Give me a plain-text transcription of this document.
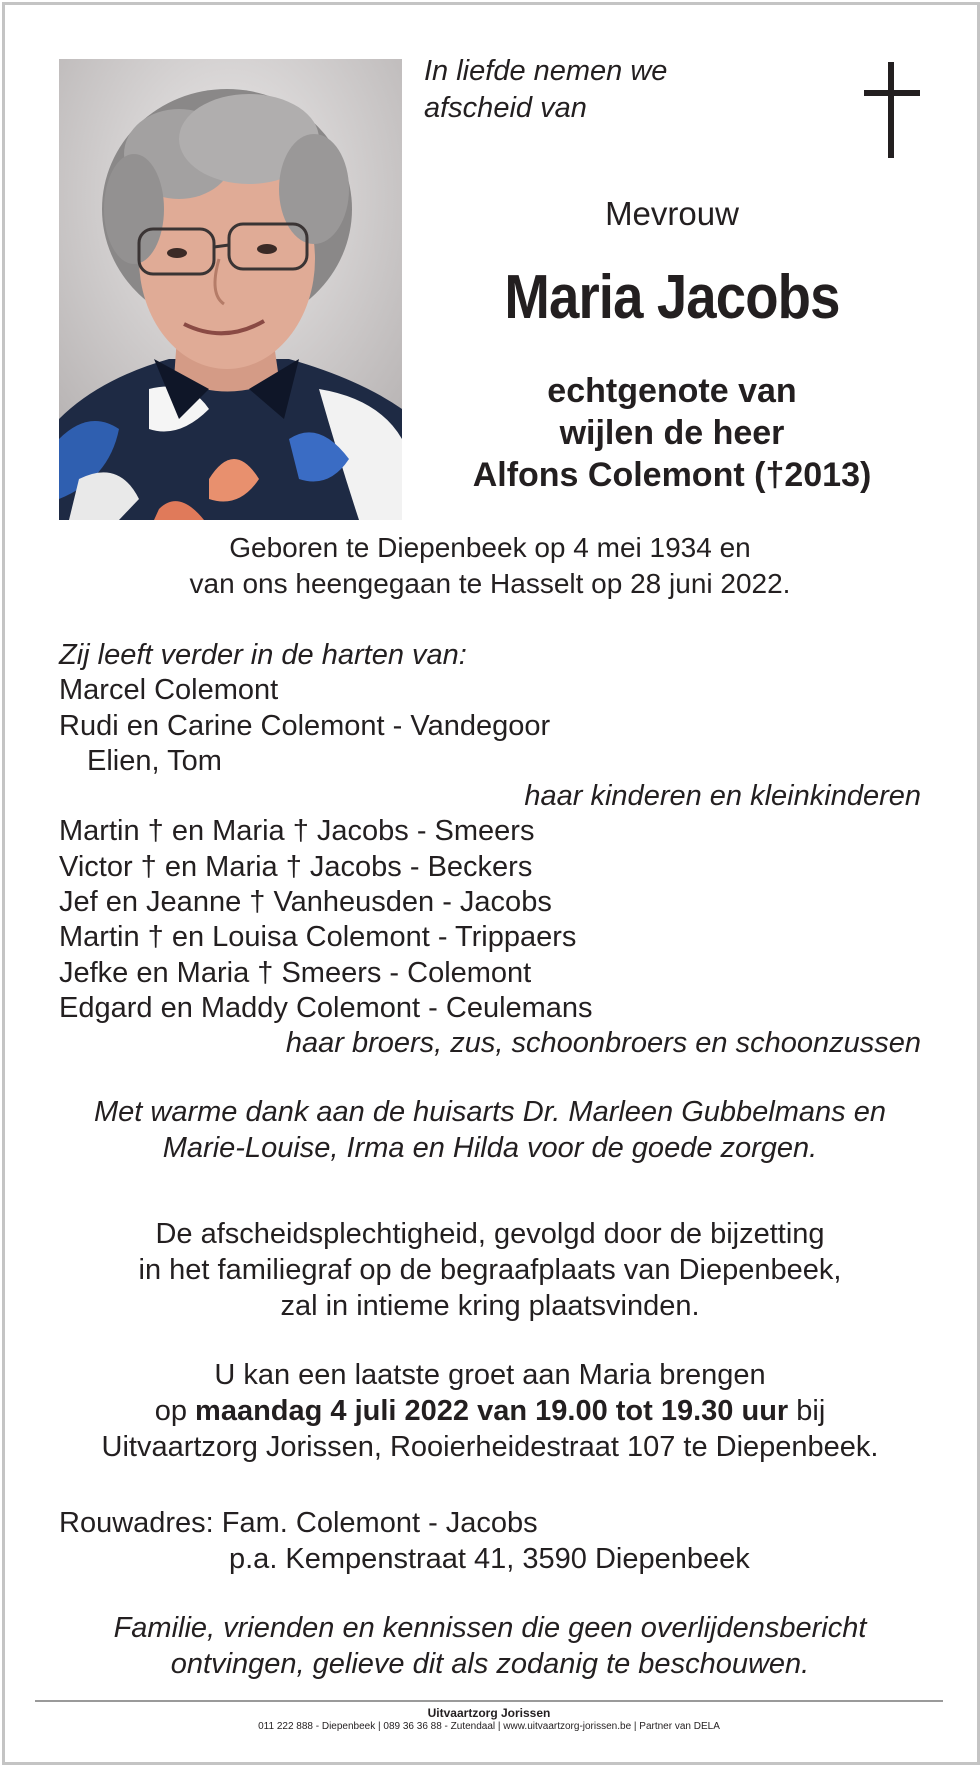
In liefde nemen we
afscheid van
Mevrouw
Maria Jacobs
echtgenote van
wijlen de heer
Alfons Colemont (†2013)
Geboren te Diepenbeek op 4 mei 1934 en
van ons heengegaan te Hasselt op 28 juni 2022.
Zij leeft verder in de harten van:
Marcel Colemont
Rudi en Carine Colemont - Vandegoor
Elien, Tom
haar kinderen en kleinkinderen
Martin † en Maria † Jacobs - Smeers
Victor † en Maria † Jacobs - Beckers
Jef en Jeanne † Vanheusden - Jacobs
Martin † en Louisa Colemont - Trippaers
Jefke en Maria † Smeers - Colemont
Edgard en Maddy Colemont - Ceulemans
haar broers, zus, schoonbroers en schoonzussen
Met warme dank aan de huisarts Dr. Marleen Gubbelmans en
Marie-Louise, Irma en Hilda voor de goede zorgen.
De afscheidsplechtigheid, gevolgd door de bijzetting
in het familiegraf op de begraafplaats van Diepenbeek,
zal in intieme kring plaatsvinden.
U kan een laatste groet aan Maria brengen
op maandag 4 juli 2022 van 19.00 tot 19.30 uur bij
Uitvaartzorg Jorissen, Rooierheidestraat 107 te Diepenbeek.
Rouwadres: Fam. Colemont - Jacobs
p.a. Kempenstraat 41, 3590 Diepenbeek
Familie, vrienden en kennissen die geen overlijdensbericht
ontvingen, gelieve dit als zodanig te beschouwen.
Uitvaartzorg Jorissen
011 222 888 - Diepenbeek | 089 36 36 88 - Zutendaal | www.uitvaartzorg-jorissen.be | Partner van DELA
